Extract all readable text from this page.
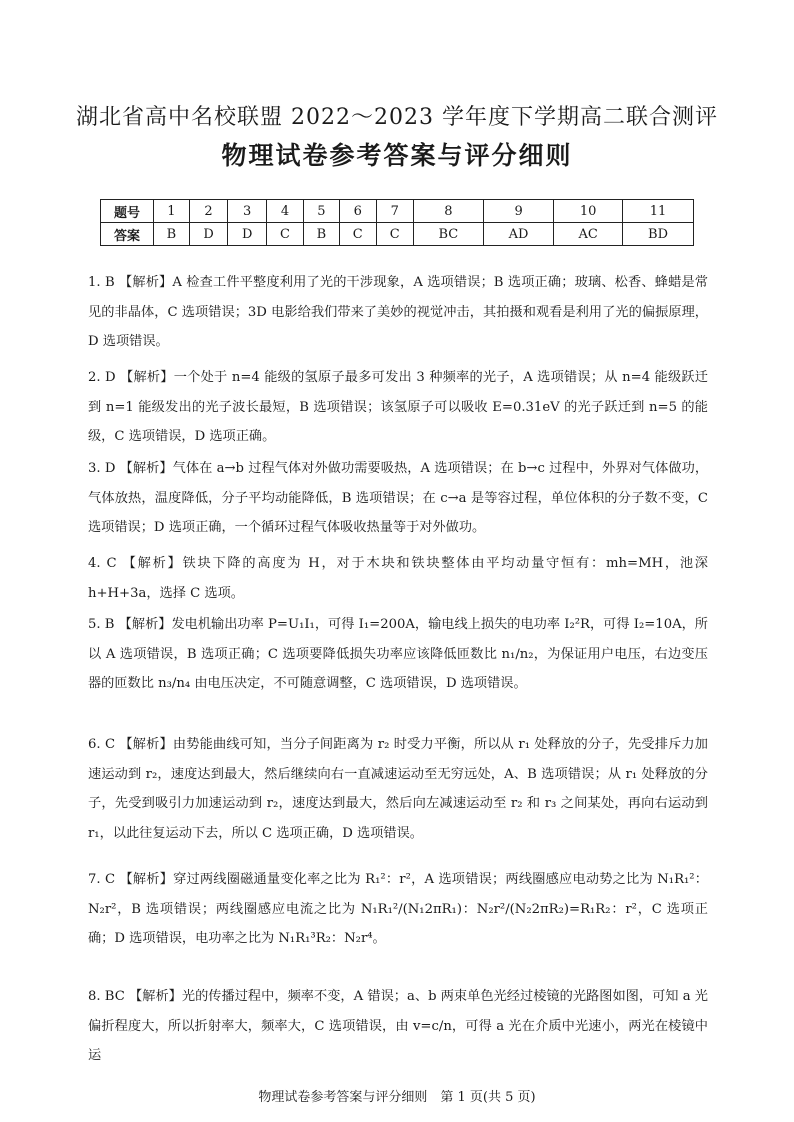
湖北省高中名校联盟 2022～2023 学年度下学期高二联合测评
物理试卷参考答案与评分细则
题号	1	2	3	4	5	6	7	8	9	10	11
答案	B	D	D	C	B	C	C	BC	AD	AC	BD
1. B 【解析】A 检查工件平整度利用了光的干涉现象，A 选项错误；B 选项正确；玻璃、松香、蜂蜡是常见的非晶体，C 选项错误；3D 电影给我们带来了美妙的视觉冲击，其拍摄和观看是利用了光的偏振原理，D 选项错误。
2. D 【解析】一个处于 n=4 能级的氢原子最多可发出 3 种频率的光子，A 选项错误；从 n=4 能级跃迁到 n=1 能级发出的光子波长最短，B 选项错误；该氢原子可以吸收 E=0.31eV 的光子跃迁到 n=5 的能级，C 选项错误，D 选项正确。
3. D 【解析】气体在 a→b 过程气体对外做功需要吸热，A 选项错误；在 b→c 过程中，外界对气体做功，气体放热，温度降低，分子平均动能降低，B 选项错误；在 c→a 是等容过程，单位体积的分子数不变，C 选项错误；D 选项正确，一个循环过程气体吸收热量等于对外做功。
4. C 【解析】铁块下降的高度为 H，对于木块和铁块整体由平均动量守恒有：mh=MH，池深 h+H+3a，选择 C 选项。
5. B 【解析】发电机输出功率 P=U₁I₁，可得 I₁=200A，输电线上损失的电功率 I₂²R，可得 I₂=10A，所以 A 选项错误，B 选项正确；C 选项要降低损失功率应该降低匝数比 n₁/n₂，为保证用户电压，右边变压器的匝数比 n₃/n₄ 由电压决定，不可随意调整，C 选项错误，D 选项错误。
6. C 【解析】由势能曲线可知，当分子间距离为 r₂ 时受力平衡，所以从 r₁ 处释放的分子，先受排斥力加速运动到 r₂，速度达到最大，然后继续向右一直减速运动至无穷远处，A、B 选项错误；从 r₁ 处释放的分子，先受到吸引力加速运动到 r₂，速度达到最大，然后向左减速运动至 r₂ 和 r₃ 之间某处，再向右运动到 r₁，以此往复运动下去，所以 C 选项正确，D 选项错误。
7. C 【解析】穿过两线圈磁通量变化率之比为 R₁²：r²，A 选项错误；两线圈感应电动势之比为 N₁R₁²：N₂r²，B 选项错误；两线圈感应电流之比为 N₁R₁²/(N₁2πR₁)：N₂r²/(N₂2πR₂)=R₁R₂：r²，C 选项正确；D 选项错误，电功率之比为 N₁R₁³R₂：N₂r⁴。
8. BC 【解析】光的传播过程中，频率不变，A 错误；a、b 两束单色光经过棱镜的光路图如图，可知 a 光偏折程度大，所以折射率大，频率大，C 选项错误，由 v=c/n，可得 a 光在介质中光速小，两光在棱镜中运
物理试卷参考答案与评分细则　第 1 页(共 5 页)
